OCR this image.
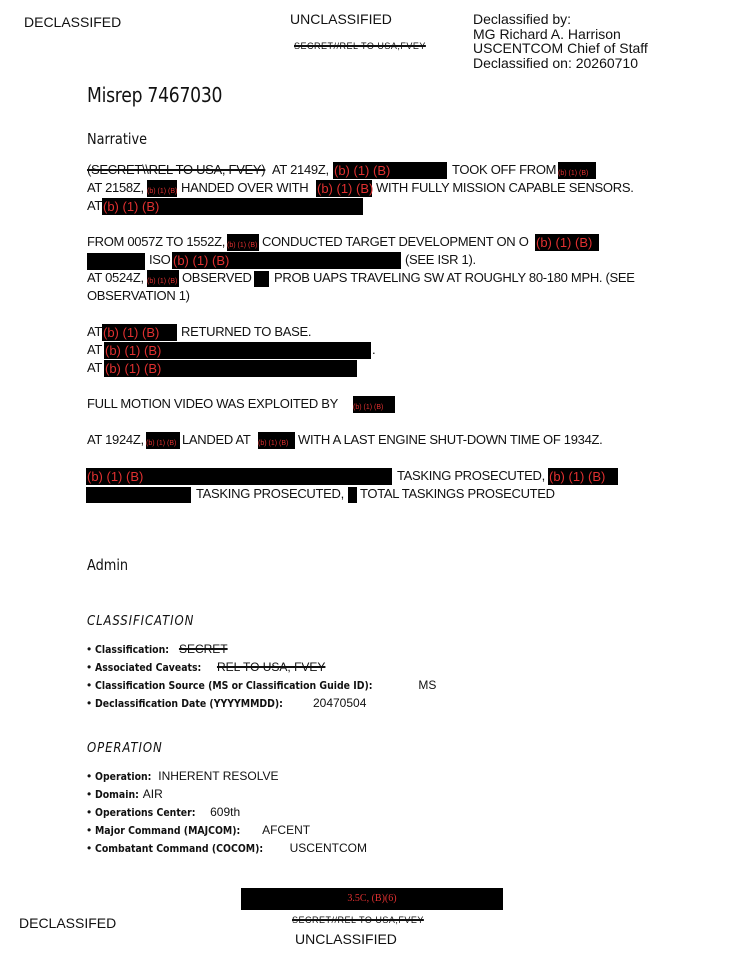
DECLASSIFED	UNCLASSIFIED
SECRET//REL TO USA,FVEY
Declassified by:
MG Richard A. Harrison
USCENTCOM Chief of Staff
Declassified on: 20260710
Misrep 7467030
Narrative
(SECRET\\REL TO USA, FVEY) AT 2149Z, (b) (1) (B)	TOOK OFF FROM (b) (1) (B)
AT 2158Z, (b) (1) (B) HANDED OVER WITH (b) (1) (B) WITH FULLY MISSION CAPABLE SENSORS.
AT (b) (1) (B)
FROM 0057Z TO 1552Z, (b) (1) (B) CONDUCTED TARGET DEVELOPMENT ON O (b) (1) (B)
ISO (b) (1) (B)	(SEE ISR 1).
AT 0524Z, (b) (1) (B) OBSERVED PROB UAPS TRAVELING SW AT ROUGHLY 80-180 MPH. (SEE
OBSERVATION 1)
AT (b) (1) (B)	RETURNED TO BASE.
AT (b) (1) (B)	.
AT (b) (1) (B)
FULL MOTION VIDEO WAS EXPLOITED BY (b) (1) (B)
AT 1924Z, (b) (1) (B) LANDED AT (b) (1) (B) WITH A LAST ENGINE SHUT-DOWN TIME OF 1934Z.
(b) (1) (B)	TASKING PROSECUTED, (b) (1) (B)
TASKING PROSECUTED, TOTAL TASKINGS PROSECUTED
Admin
CLASSIFICATION
• Classification: SECRET
• Associated Caveats: REL TO USA, FVEY
• Classification Source (MS or Classification Guide ID):	MS
• Declassification Date (YYYYMMDD):	20470504
OPERATION
• Operation: INHERENT RESOLVE
• Domain: AIR
• Operations Center: 609th
• Major Command (MAJCOM): AFCENT
• Combatant Command (COCOM): USCENTCOM
3.5C, (B)(6)
DECLASSIFED	SECRET//REL TO USA,FVEY
UNCLASSIFIED
